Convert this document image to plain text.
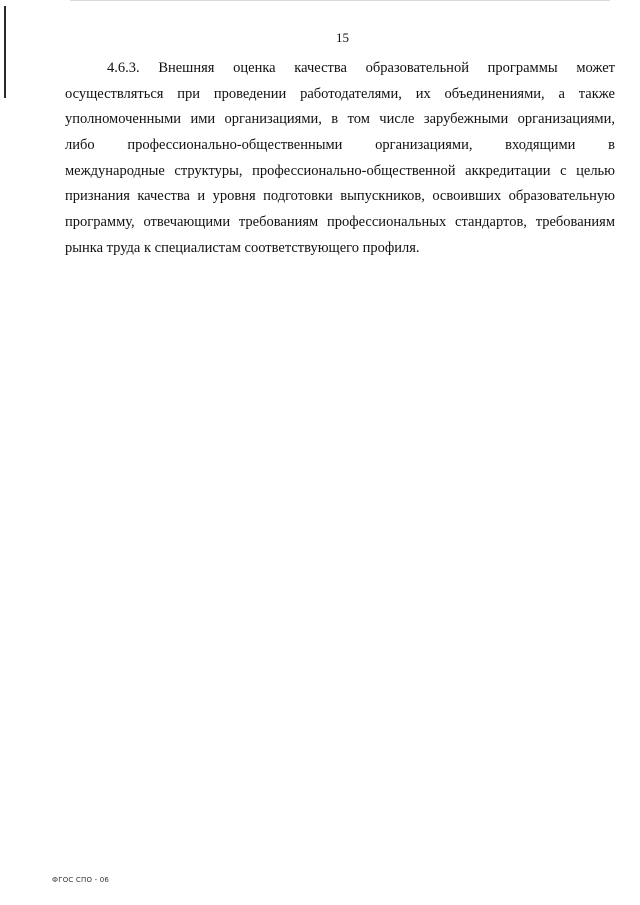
15
4.6.3. Внешняя оценка качества образовательной программы может
осуществляться при проведении работодателями, их объединениями, а также
уполномоченными ими организациями, в том числе зарубежными организациями,
либо профессионально-общественными организациями, входящими в
международные структуры, профессионально-общественной аккредитации с целью
признания качества и уровня подготовки выпускников, освоивших образовательную
программу, отвечающими требованиям профессиональных стандартов, требованиям
рынка труда к специалистам соответствующего профиля.
ФГОС СПО - 06
